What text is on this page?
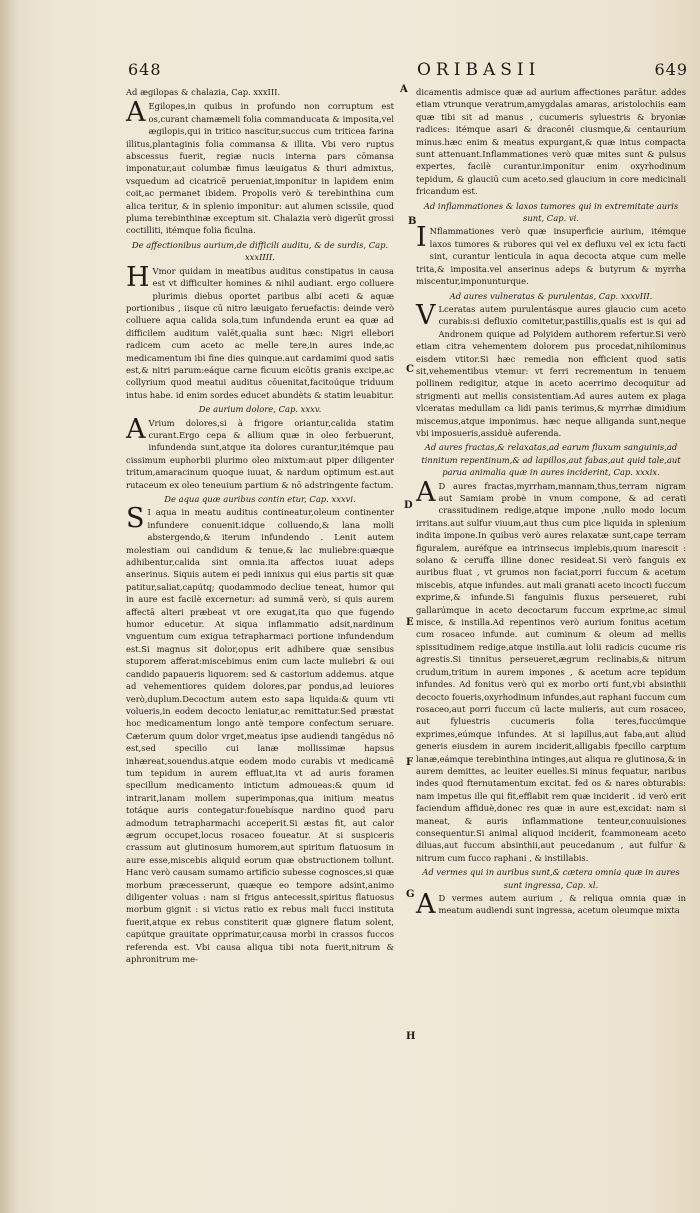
648	ORIBASII	649

Ad ægilopas & chalazia, Cap. xxxIII.

A Egilopes,in quibus in profundo non corruptum est os,curant chamæmeli folia commanducata & imposita,vel ægilopis,qui in tritico nascitur,succus cum triticea farina illitus,plantaginis folia commansa & illita. Vbi vero ruptus abscessus fuerit, regiæ nucis interna pars cōmansa imponatur,aut columbæ fimus læuigatus & thuri admixtus, vsquedum ad cicatricē perueniat,imponitur in lapidem enim coit,ac permanet ibidem. Propolis verò & terebinthina cum alica teritur, & in splenio imponitur: aut alumen scissile, quod pluma terebinthinæ exceptum sit. Chalazia verò digerūt grossi coctilliti, itémque folia ficulna.

De affectionibus aurium,de difficili auditu, & de surdis, Cap. xxxIIII.

H Vmor quidam in meatibus auditus constipatus in causa est vt difficulter homines & nihil audiant. ergo colluere plurimis diebus oportet paribus albi aceti & aquæ portionibus , iisque cū nitro læuigato feruefactis: deinde verò colluere aqua calida sola,tum infundenda erunt ea quæ ad difficilem auditum valēt,qualia sunt hæc: Nigri ellebori radicem cum aceto ac melle tere,in aures inde,ac medicamentum ibi fine dies quinque.aut cardamimi quod satis est,& nitri parum:eáque carne ficuum eicōtis granis excipe,ac collyrium quod meatui auditus cōuenitat,facitoúque triduum intus habe. id enim sordes educet abundèts & statim leuabitur.

De aurium dolore, Cap. xxxv.

A Vrium dolores,si à frigore oriantur,calida statim curant.Ergo cepa & allium quæ in oleo ferbuerunt, infundenda sunt,atque ita dolores curantur,itémque pau cissimum euphorbii plurimo oleo mixtum:aut piper diligenter tritum,amaracinum quoque iuuat, & nardum optimum est.aut rutaceum ex oleo teneuium partium & nō adstringente factum.

De aqua quæ auribus contin etur, Cap. xxxvi.

S I aqua in meatu auditus contineatur,oleum continenter infundere conuenit.idque colluendo,& lana molli abstergendo,& iterum infundendo . Lenit autem molestiam oui candidum & tenue,& lac muliebre:quæque adhibentur,calida sint omnia.ita affectos iuuat adeps anserinus. Siquis autem ei pedi innixus qui eius partis sit quæ patitur,saliat,capútq; quodammodo decliue teneat, humor qui in aure est facilè excernetur: ad summā verò, si quis aurem affectā alteri præbeat vt ore exugat,ita quo que fugendo humor educetur. At siqua inflammatio adsit,nardinum vnguentum cum exigua tetrapharmaci portione infundendum est.Si magnus sit dolor,opus erit adhibere quæ sensibus stuporem afferat:miscebimus enim cum lacte muliebri & oui candido papaueris liquorem: sed & castorium addemus. atque ad vehementiores quidem dolores,par pondus,ad leuiores verò,duplum.Decoctum autem esto sapa liquida:& quum vti volueris,in eodem decocto leniatur,ac remittatur.Sed præstat hoc medicamentum longo antè tempore confectum seruare. Cæterum quum dolor vrget,meatus ipse audiendi tangēdus nō est,sed specillo cui lanæ mollissimæ hapsus inhæreat,souendus.atque eodem modo curabis vt medicamē tum tepidum in aurem effluat,ita vt ad auris foramen specillum medicamento intictum admoueas:& quum id intrarit,lanam mollem superimponas,qua initium meatus totáque auris contegatur:fouebísque nardino quod paru admodum tetrapharmachi acceperit.Si æstas fit, aut calor ægrum occupet,locus rosaceo foueatur. At si suspiceris crassum aut glutinosum humorem,aut spiritum flatuosum in aure esse,miscebis aliquid eorum quæ obstructionem tollunt. Hanc verò causam sumamo artificio subesse cognosces,si quæ morbum præcesserunt, quæque eo tempore adsint,animo diligenter voluas : nam si frigus antecessit,spiritus flatuosus morbum gignit : si victus ratio ex rebus mali fucci instituta fuerit,atque ex rebus constiterit quæ gignere flatum solent, capútque grauitate opprimatur,causa morbi in crassos fuccos referenda est. Vbi causa aliqua tibi nota fuerit,nitrum & aphronitrum me-

dicamentis admisce quæ ad aurium affectiones parātur. addes etiam vtrunque veratrum,amygdalas amaras, aristolochiis eam quæ tibi sit ad manus , cucumeris syluestris & bryoniæ radices: itémque asari & draconēi ciusmque,& centaurium minus.hæc enim & meatus expurgant,& quæ intus compacta sunt attenuant.Inflammationes verò quæ mites sunt & pulsus expertes, facilè curantur.imponitur enim oxyrhodinum tepidum, & glauciū cum aceto.sed glaucium in core medicinali fricandum est.

Ad inflammationes & laxos tumores qui in extremitate auris sunt, Cap. vi.

I Nflammationes verò quæ insuperficie aurium, itémque laxos tumores & rubores qui vel ex defluxu vel ex ictu facti sint, curantur lenticula in aqua decocta atque cum melle trita,& imposita.vel anserinus adeps & butyrum & myrrha miscentur,imponunturque.

Ad aures vulneratas & purulentas, Cap. xxxvIII.

V Lceratas autem purulentásque aures glaucio cum aceto curabis:si defluxio comitetur,pastillis,qualis est is qui ad Andronem quique ad Polyidem authorem refertur.Si verò etiam citra vehementem dolorem pus procedat,nihilominus eisdem vtitor.Si hæc remedia non efficient quod satis sit,vehementibus vtemur: vt ferri recrementum in tenuem pollinem redigitur, atque in aceto acerrimo decoquitur ad strigmenti aut mellis consistentiam.Ad aures autem ex plaga vlceratas medullam ca lidi panis terimus,& myrrhæ dimidium miscemus,atque imponimus. hæc neque alliganda sunt,neque vbi imposueris,assiduè auferenda.

Ad aures fractas,& relaxatas,ad earum fluxum sanguinis,ad tinnitum repentinum,& ad lapillos,aut fabas,aut quid tale,aut parua animalia quæ in aures inciderint, Cap. xxxix.

A D aures fractas,myrrham,mannam,thus,terram nigram aut Samiam probè in vnum compone, & ad cerati crassitudinem redige,atque impone ,nullo modo locum irritans.aut sulfur viuum,aut thus cum pice liquida in splenium indita impone.In quibus verò aures relaxatæ sunt,cape terram figuralem, auréfque ea intrinsecus implebis,quum inarescit : solano & ceruffa illine donec resideat.Si verò fanguis ex auribus fluat , vt grumos non faciat,porri fuccum & acetum miscebis, atque infundes. aut mali granati aceto incocti fuccum exprime,& infunde.Si fanguinis fluxus perseueret, rubi gallarúmque in aceto decoctarum fuccum exprime,ac simul misce, & instilla.Ad repentinos verò aurium fonitus acetum cum rosaceo infunde. aut cuminum & oleum ad mellis spissitudinem redige,atque instilla.aut lolii radicis cucume ris agrestis.Si tinnitus perseueret,ægrum reclinabis,& nitrum crudum,tritum in aurem impones , & acetum acre tepidum infundes. Ad fonitus verò qui ex morbo orti funt,vbi absinthii decocto foueris,oxyrhodinum infundes,aut raphani fuccum cum rosaceo,aut porri fuccum cū lacte mulieris, aut cum rosaceo, aut fyluestris cucumeris folia teres,fuccúmque exprimes,eúmque infundes. At si lapillus,aut faba,aut aliud generis eiusdem in aurem inciderit,alligabis fpecillo carptum lanæ,eámque terebinthina intinges,aut aliqua re glutinosa,& in aurem demittes, ac leuiter euelles.Si minus fequatur, naribus indes quod fternutamentum excitat. fed os & nares obturabis: nam impetus ille qui fit,efflabit rem quæ inciderit . id verò erit faciendum affiduè,donec res quæ in aure est,excidat: nam si maneat, & auris inflammatione tenteur,conuulsiones consequentur.Si animal aliquod inciderit, fcammoneam aceto diluas,aut fuccum absinthii,aut peucedanum , aut fulfur & nitrum cum fucco raphani , & instillabis.

Ad vermes qui in auribus sunt,& cætera omnia quæ in aures sunt ingressa, Cap. xl.

A D vermes autem aurium , & reliqua omnia quæ in meatum audiendi sunt ingressa, acetum oleumque mixta

A
B
C
D
E
F
G
H
